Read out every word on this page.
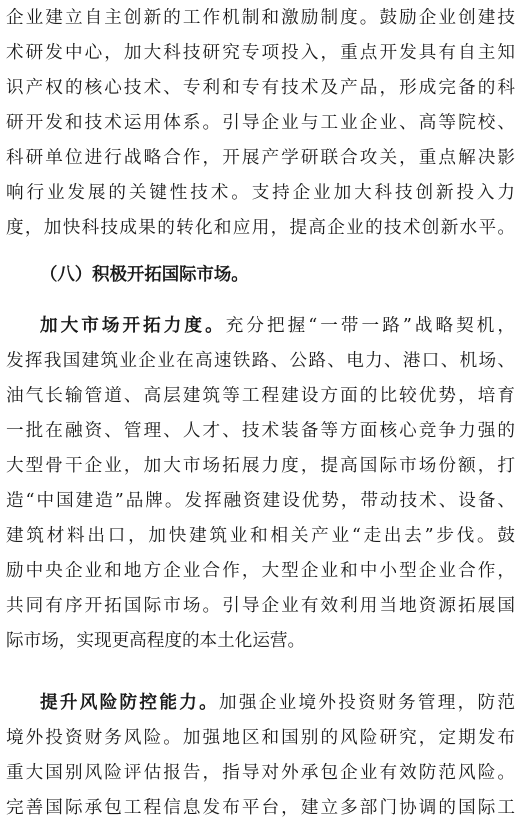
企业建立自主创新的工作机制和激励制度。鼓励企业创建技
术研发中心，加大科技研究专项投入，重点开发具有自主知
识产权的核心技术、专利和专有技术及产品，形成完备的科
研开发和技术运用体系。引导企业与工业企业、高等院校、
科研单位进行战略合作，开展产学研联合攻关，重点解决影
响行业发展的关键性技术。支持企业加大科技创新投入力
度，加快科技成果的转化和应用，提高企业的技术创新水平。
（八）积极开拓国际市场。
加大市场开拓力度。充分把握“一带一路”战略契机，
发挥我国建筑业企业在高速铁路、公路、电力、港口、机场、
油气长输管道、高层建筑等工程建设方面的比较优势，培育
一批在融资、管理、人才、技术装备等方面核心竞争力强的
大型骨干企业，加大市场拓展力度，提高国际市场份额，打
造“中国建造”品牌。发挥融资建设优势，带动技术、设备、
建筑材料出口，加快建筑业和相关产业“走出去”步伐。鼓
励中央企业和地方企业合作，大型企业和中小型企业合作，
共同有序开拓国际市场。引导企业有效利用当地资源拓展国
际市场，实现更高程度的本土化运营。
提升风险防控能力。加强企业境外投资财务管理，防范
境外投资财务风险。加强地区和国别的风险研究，定期发布
重大国别风险评估报告，指导对外承包企业有效防范风险。
完善国际承包工程信息发布平台，建立多部门协调的国际工
